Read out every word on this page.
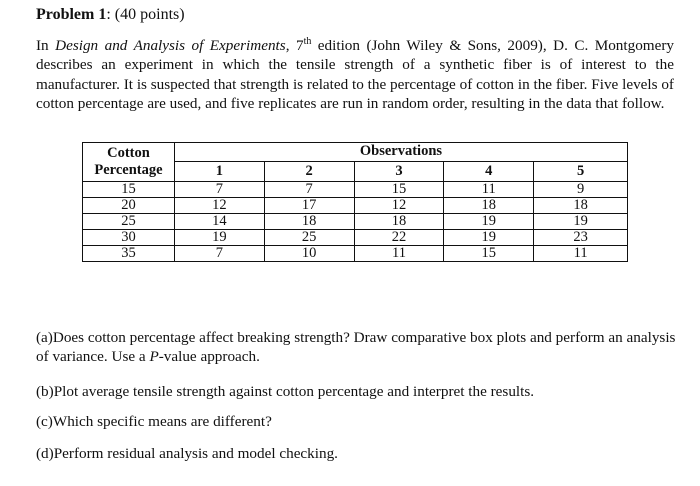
Problem 1: (40 points)
In Design and Analysis of Experiments, 7th edition (John Wiley & Sons, 2009), D. C. Montgomery describes an experiment in which the tensile strength of a synthetic fiber is of interest to the manufacturer. It is suspected that strength is related to the percentage of cotton in the fiber. Five levels of cotton percentage are used, and five replicates are run in random order, resulting in the data that follow.
Cotton Percentage	Observations				
	1	2	3	4	5
15	7	7	15	11	9
20	12	17	12	18	18
25	14	18	18	19	19
30	19	25	22	19	23
35	7	10	11	15	11

(a)Does cotton percentage affect breaking strength? Draw comparative box plots and perform an analysis of variance. Use a P-value approach.

(b)Plot average tensile strength against cotton percentage and interpret the results.

(c)Which specific means are different?

(d)Perform residual analysis and model checking.
